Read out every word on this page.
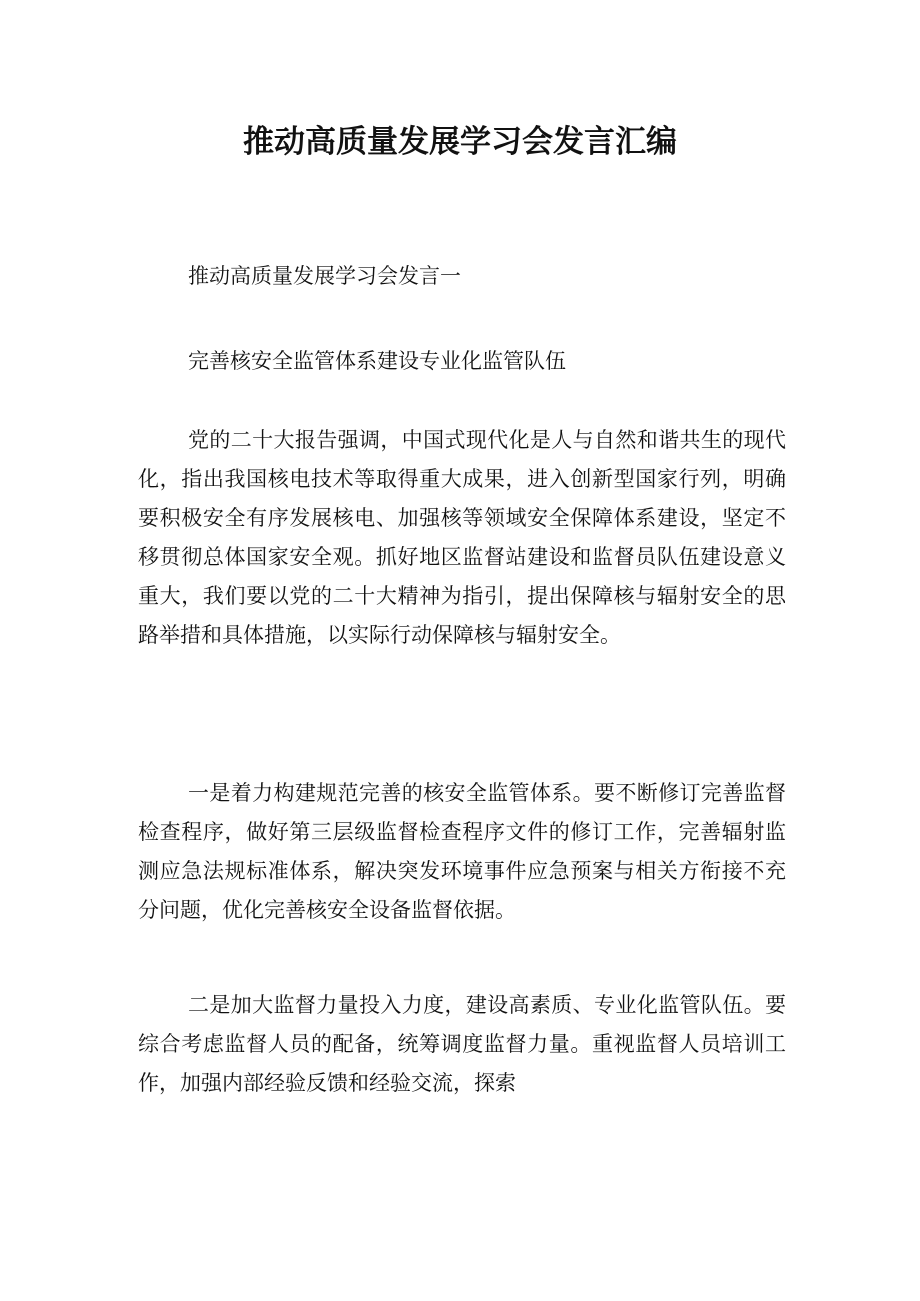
推动高质量发展学习会发言汇编
推动高质量发展学习会发言一
完善核安全监管体系建设专业化监管队伍

党的二十大报告强调，中国式现代化是人与自然和谐共生的现代化，指出我国核电技术等取得重大成果，进入创新型国家行列，明确要积极安全有序发展核电、加强核等领域安全保障体系建设，坚定不移贯彻总体国家安全观。抓好地区监督站建设和监督员队伍建设意义重大，我们要以党的二十大精神为指引，提出保障核与辐射安全的思路举措和具体措施，以实际行动保障核与辐射安全。

一是着力构建规范完善的核安全监管体系。要不断修订完善监督检查程序，做好第三层级监督检查程序文件的修订工作，完善辐射监测应急法规标准体系，解决突发环境事件应急预案与相关方衔接不充分问题，优化完善核安全设备监督依据。

二是加大监督力量投入力度，建设高素质、专业化监管队伍。要综合考虑监督人员的配备，统筹调度监督力量。重视监督人员培训工作，加强内部经验反馈和经验交流，探索
